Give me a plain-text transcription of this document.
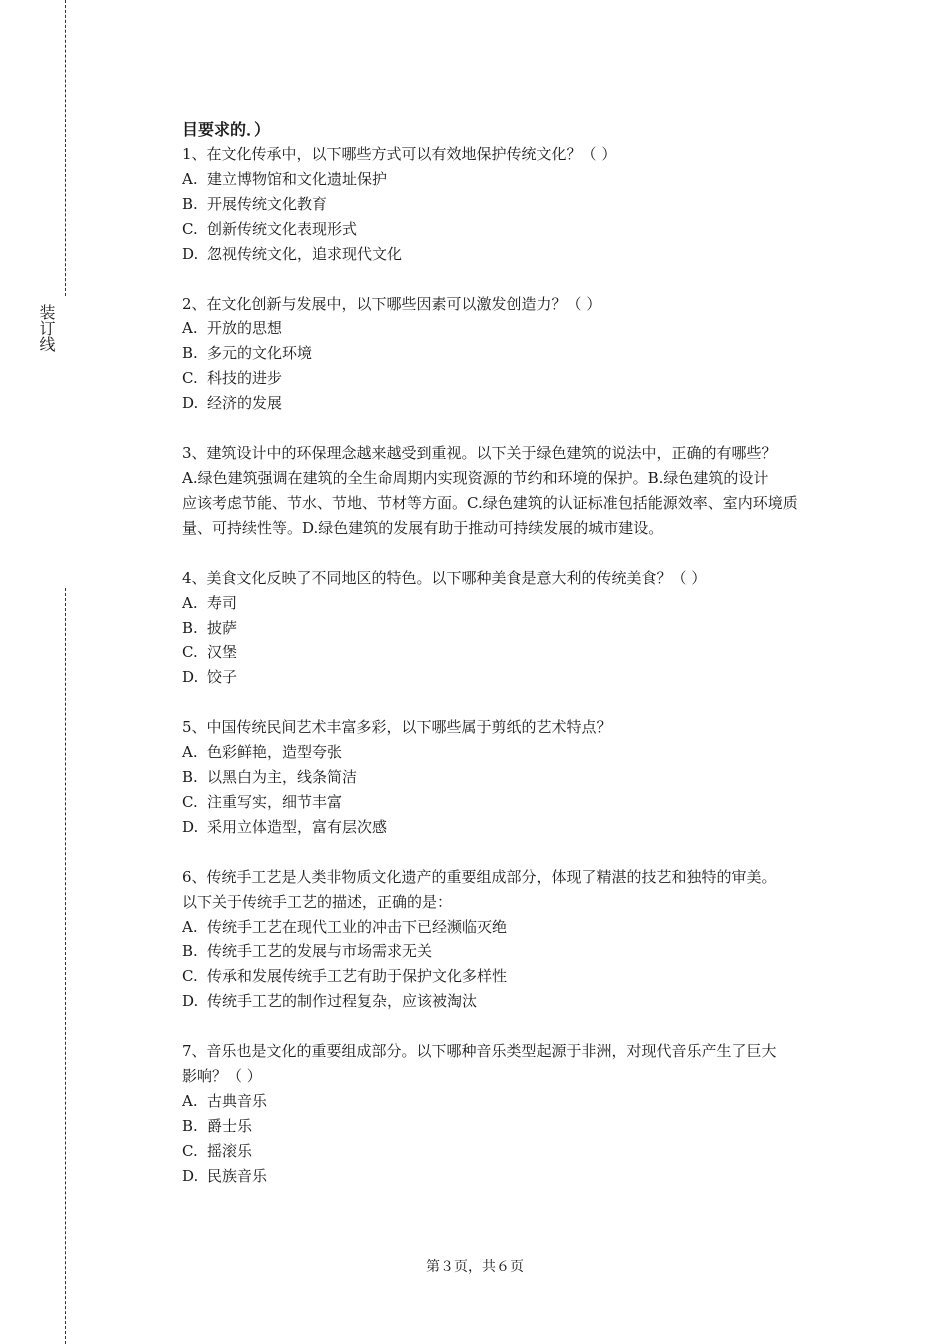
装订线
目要求的．）
1、在文化传承中，以下哪些方式可以有效地保护传统文化？（ ）
A. 建立博物馆和文化遗址保护
B. 开展传统文化教育
C. 创新传统文化表现形式
D. 忽视传统文化，追求现代文化
2、在文化创新与发展中，以下哪些因素可以激发创造力？（ ）
A. 开放的思想
B. 多元的文化环境
C. 科技的进步
D. 经济的发展
3、建筑设计中的环保理念越来越受到重视。以下关于绿色建筑的说法中，正确的有哪些？
A.绿色建筑强调在建筑的全生命周期内实现资源的节约和环境的保护。B.绿色建筑的设计
应该考虑节能、节水、节地、节材等方面。C.绿色建筑的认证标准包括能源效率、室内环境质
量、可持续性等。D.绿色建筑的发展有助于推动可持续发展的城市建设。
4、美食文化反映了不同地区的特色。以下哪种美食是意大利的传统美食？（ ）
A. 寿司
B. 披萨
C. 汉堡
D. 饺子
5、中国传统民间艺术丰富多彩，以下哪些属于剪纸的艺术特点？
A. 色彩鲜艳，造型夸张
B. 以黑白为主，线条简洁
C. 注重写实，细节丰富
D. 采用立体造型，富有层次感
6、传统手工艺是人类非物质文化遗产的重要组成部分，体现了精湛的技艺和独特的审美。
以下关于传统手工艺的描述，正确的是：
A. 传统手工艺在现代工业的冲击下已经濒临灭绝
B. 传统手工艺的发展与市场需求无关
C. 传承和发展传统手工艺有助于保护文化多样性
D. 传统手工艺的制作过程复杂，应该被淘汰
7、音乐也是文化的重要组成部分。以下哪种音乐类型起源于非洲，对现代音乐产生了巨大
影响？（ ）
A. 古典音乐
B. 爵士乐
C. 摇滚乐
D. 民族音乐
第３页，共６页
